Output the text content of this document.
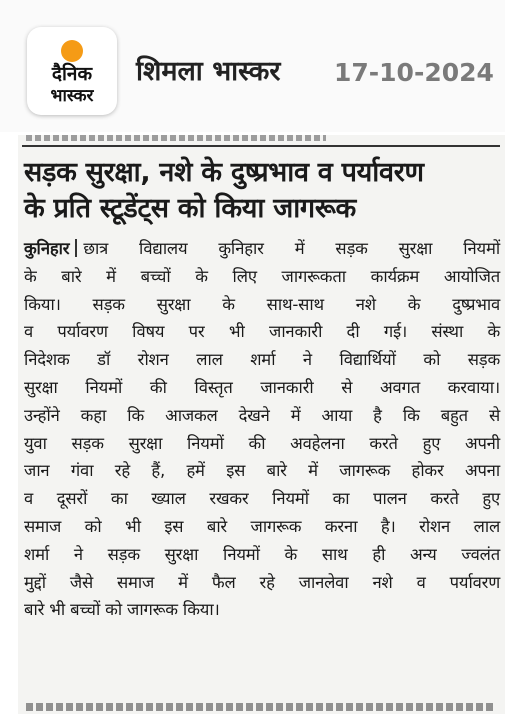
दैनिक
भास्कर
शिमला भास्कर 17-10-2024
सड़क सुरक्षा, नशे के दुष्प्रभाव व पर्यावरण
के प्रति स्टूडेंट्स को किया जागरूक
कुनिहार छात्र विद्यालय कुनिहार में सड़क सुरक्षा नियमों
के बारे में बच्चों के लिए जागरूकता कार्यक्रम आयोजित
किया। सड़क सुरक्षा के साथ-साथ नशे के दुष्प्रभाव
व पर्यावरण विषय पर भी जानकारी दी गई। संस्था के
निदेशक डॉ रोशन लाल शर्मा ने विद्यार्थियों को सड़क
सुरक्षा नियमों की विस्तृत जानकारी से अवगत करवाया।
उन्होंने कहा कि आजकल देखने में आया है कि बहुत से
युवा सड़क सुरक्षा नियमों की अवहेलना करते हुए अपनी
जान गंवा रहे हैं, हमें इस बारे में जागरूक होकर अपना
व दूसरों का ख्याल रखकर नियमों का पालन करते हुए
समाज को भी इस बारे जागरूक करना है। रोशन लाल
शर्मा ने सड़क सुरक्षा नियमों के साथ ही अन्य ज्वलंत
मुद्दों जैसे समाज में फैल रहे जानलेवा नशे व पर्यावरण
बारे भी बच्चों को जागरूक किया।
